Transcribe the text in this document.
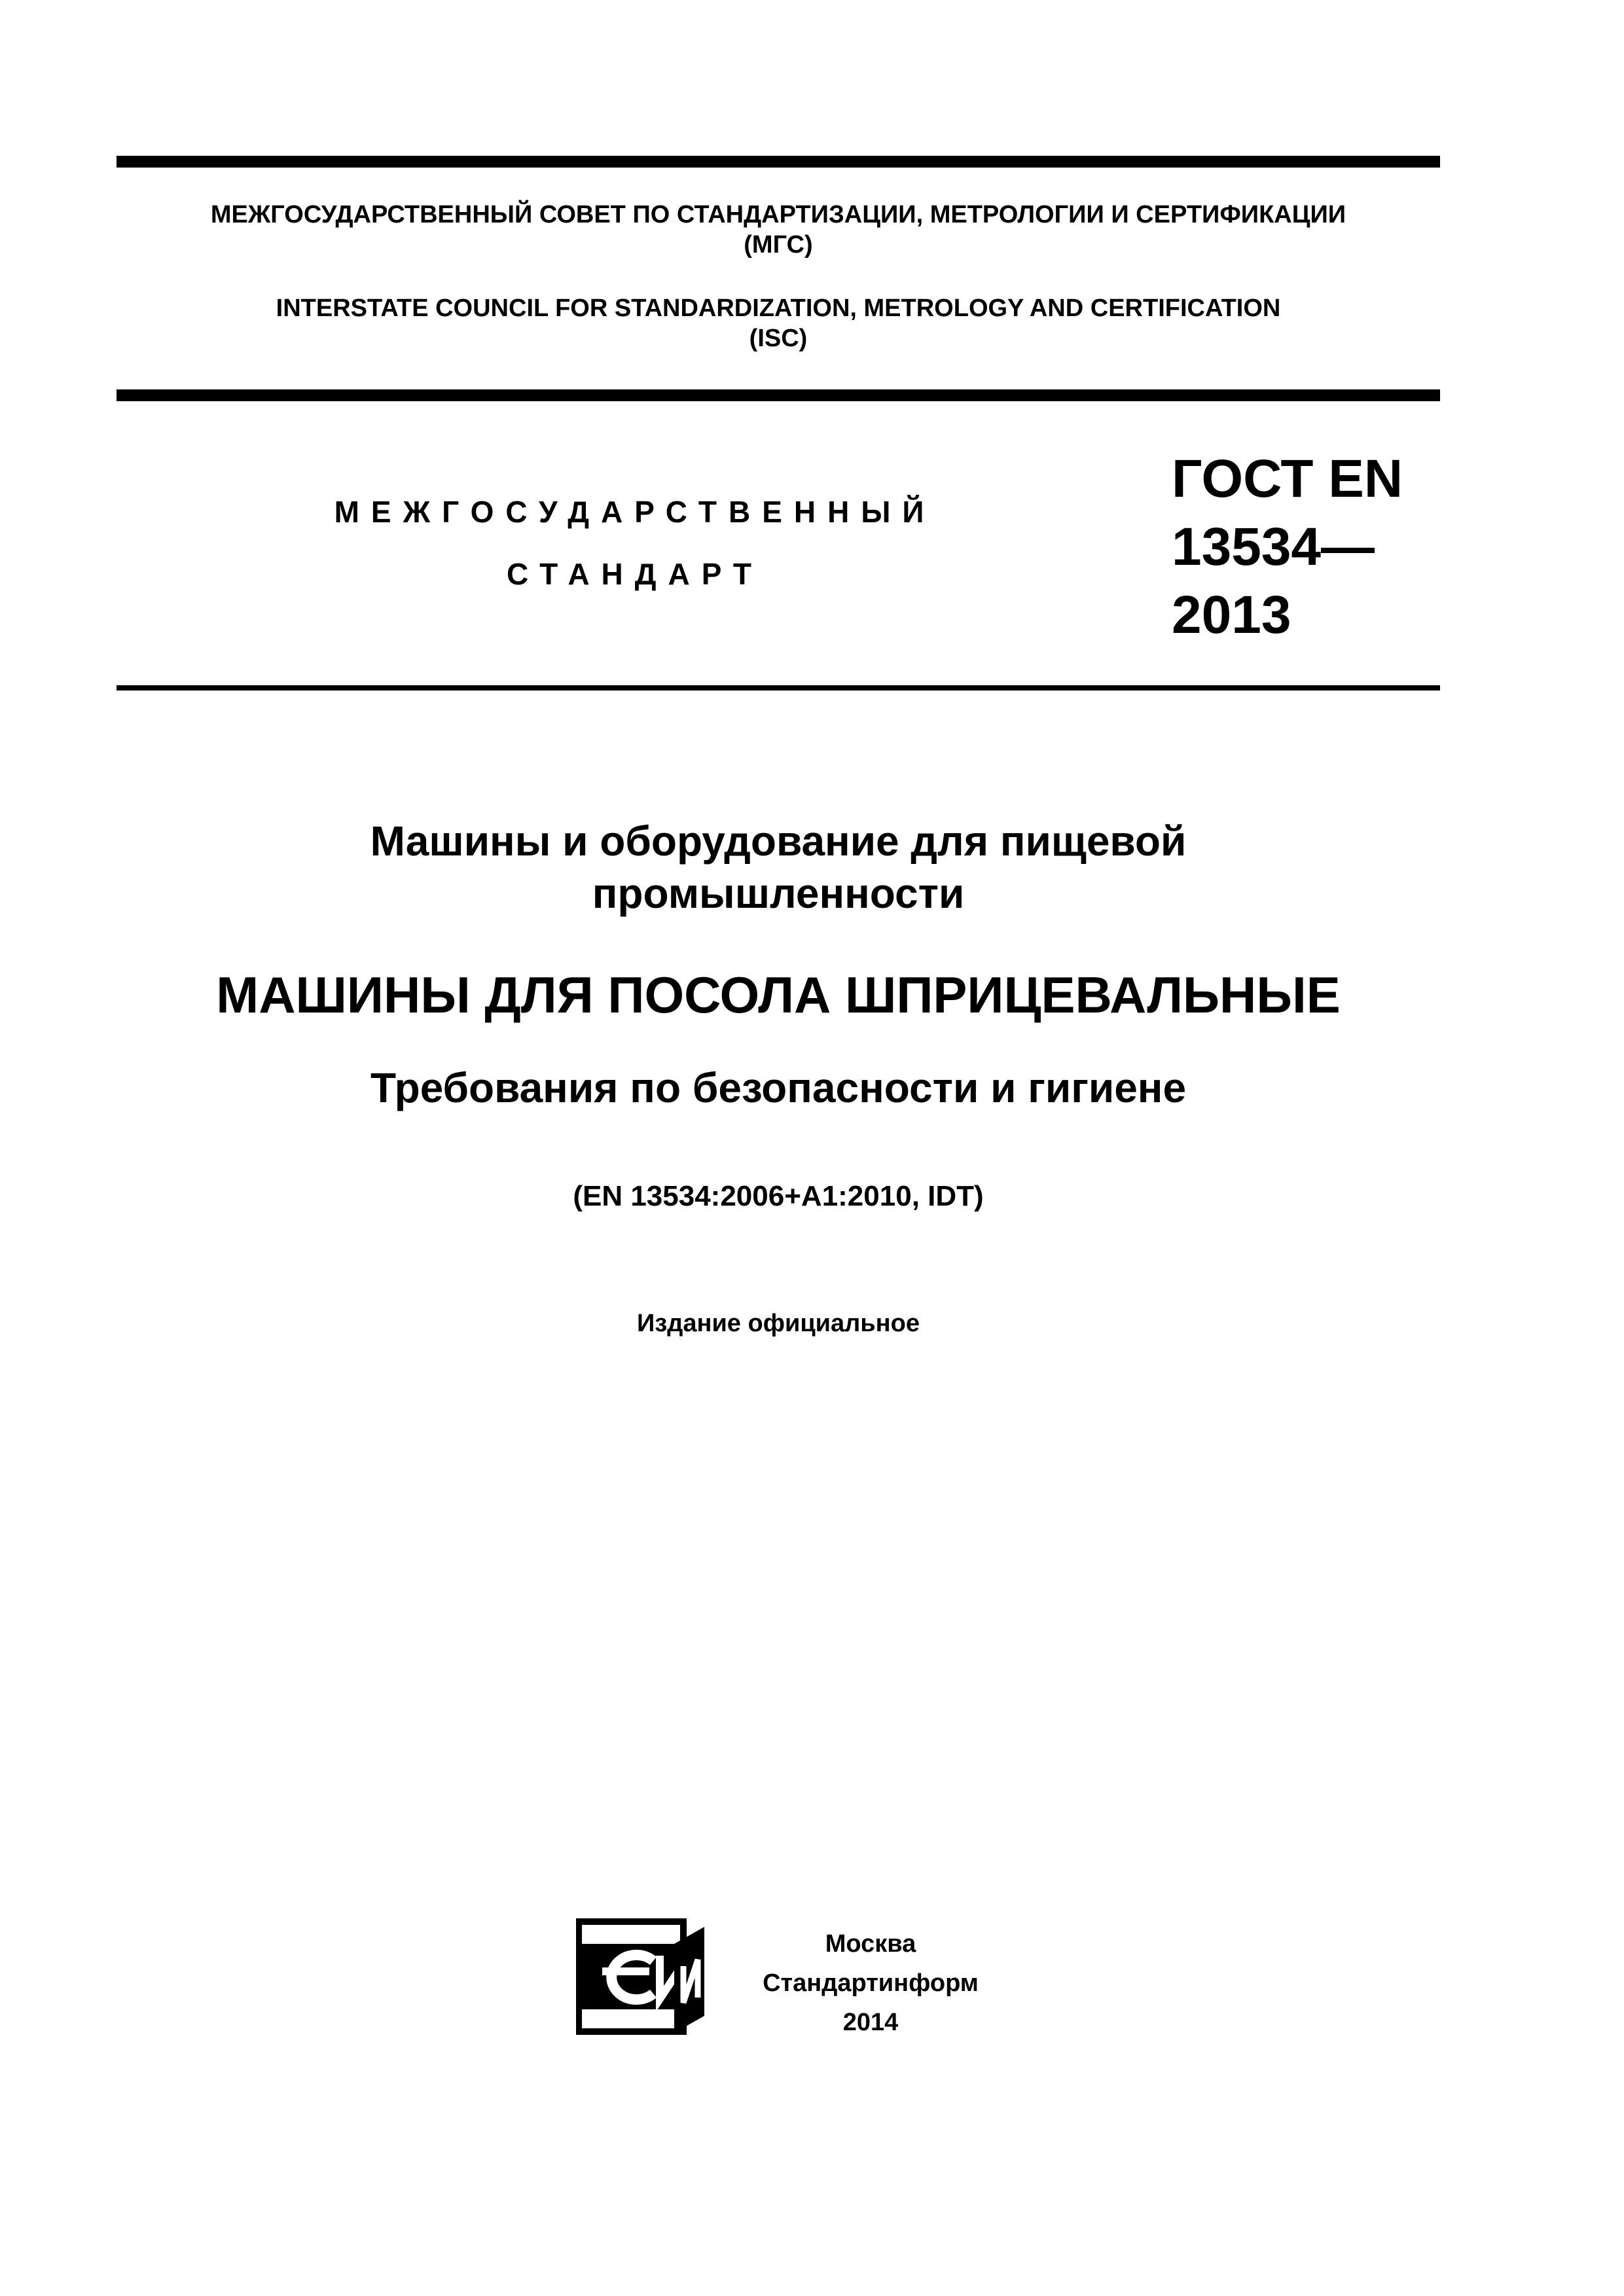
МЕЖГОСУДАРСТВЕННЫЙ СОВЕТ ПО СТАНДАРТИЗАЦИИ, МЕТРОЛОГИИ И СЕРТИФИКАЦИИ
(МГС)
INTERSTATE COUNCIL FOR STANDARDIZATION, METROLOGY AND CERTIFICATION
(ISC)
МЕЖГОСУДАРСТВЕННЫЙ
СТАНДАРТ
ГОСТ EN
13534—
2013
Машины и оборудование для пищевой
промышленности
МАШИНЫ ДЛЯ ПОСОЛА ШПРИЦЕВАЛЬНЫЕ
Требования по безопасности и гигиене
(EN 13534:2006+A1:2010, IDT)
Издание официальное
Москва
Стандартинформ
2014
